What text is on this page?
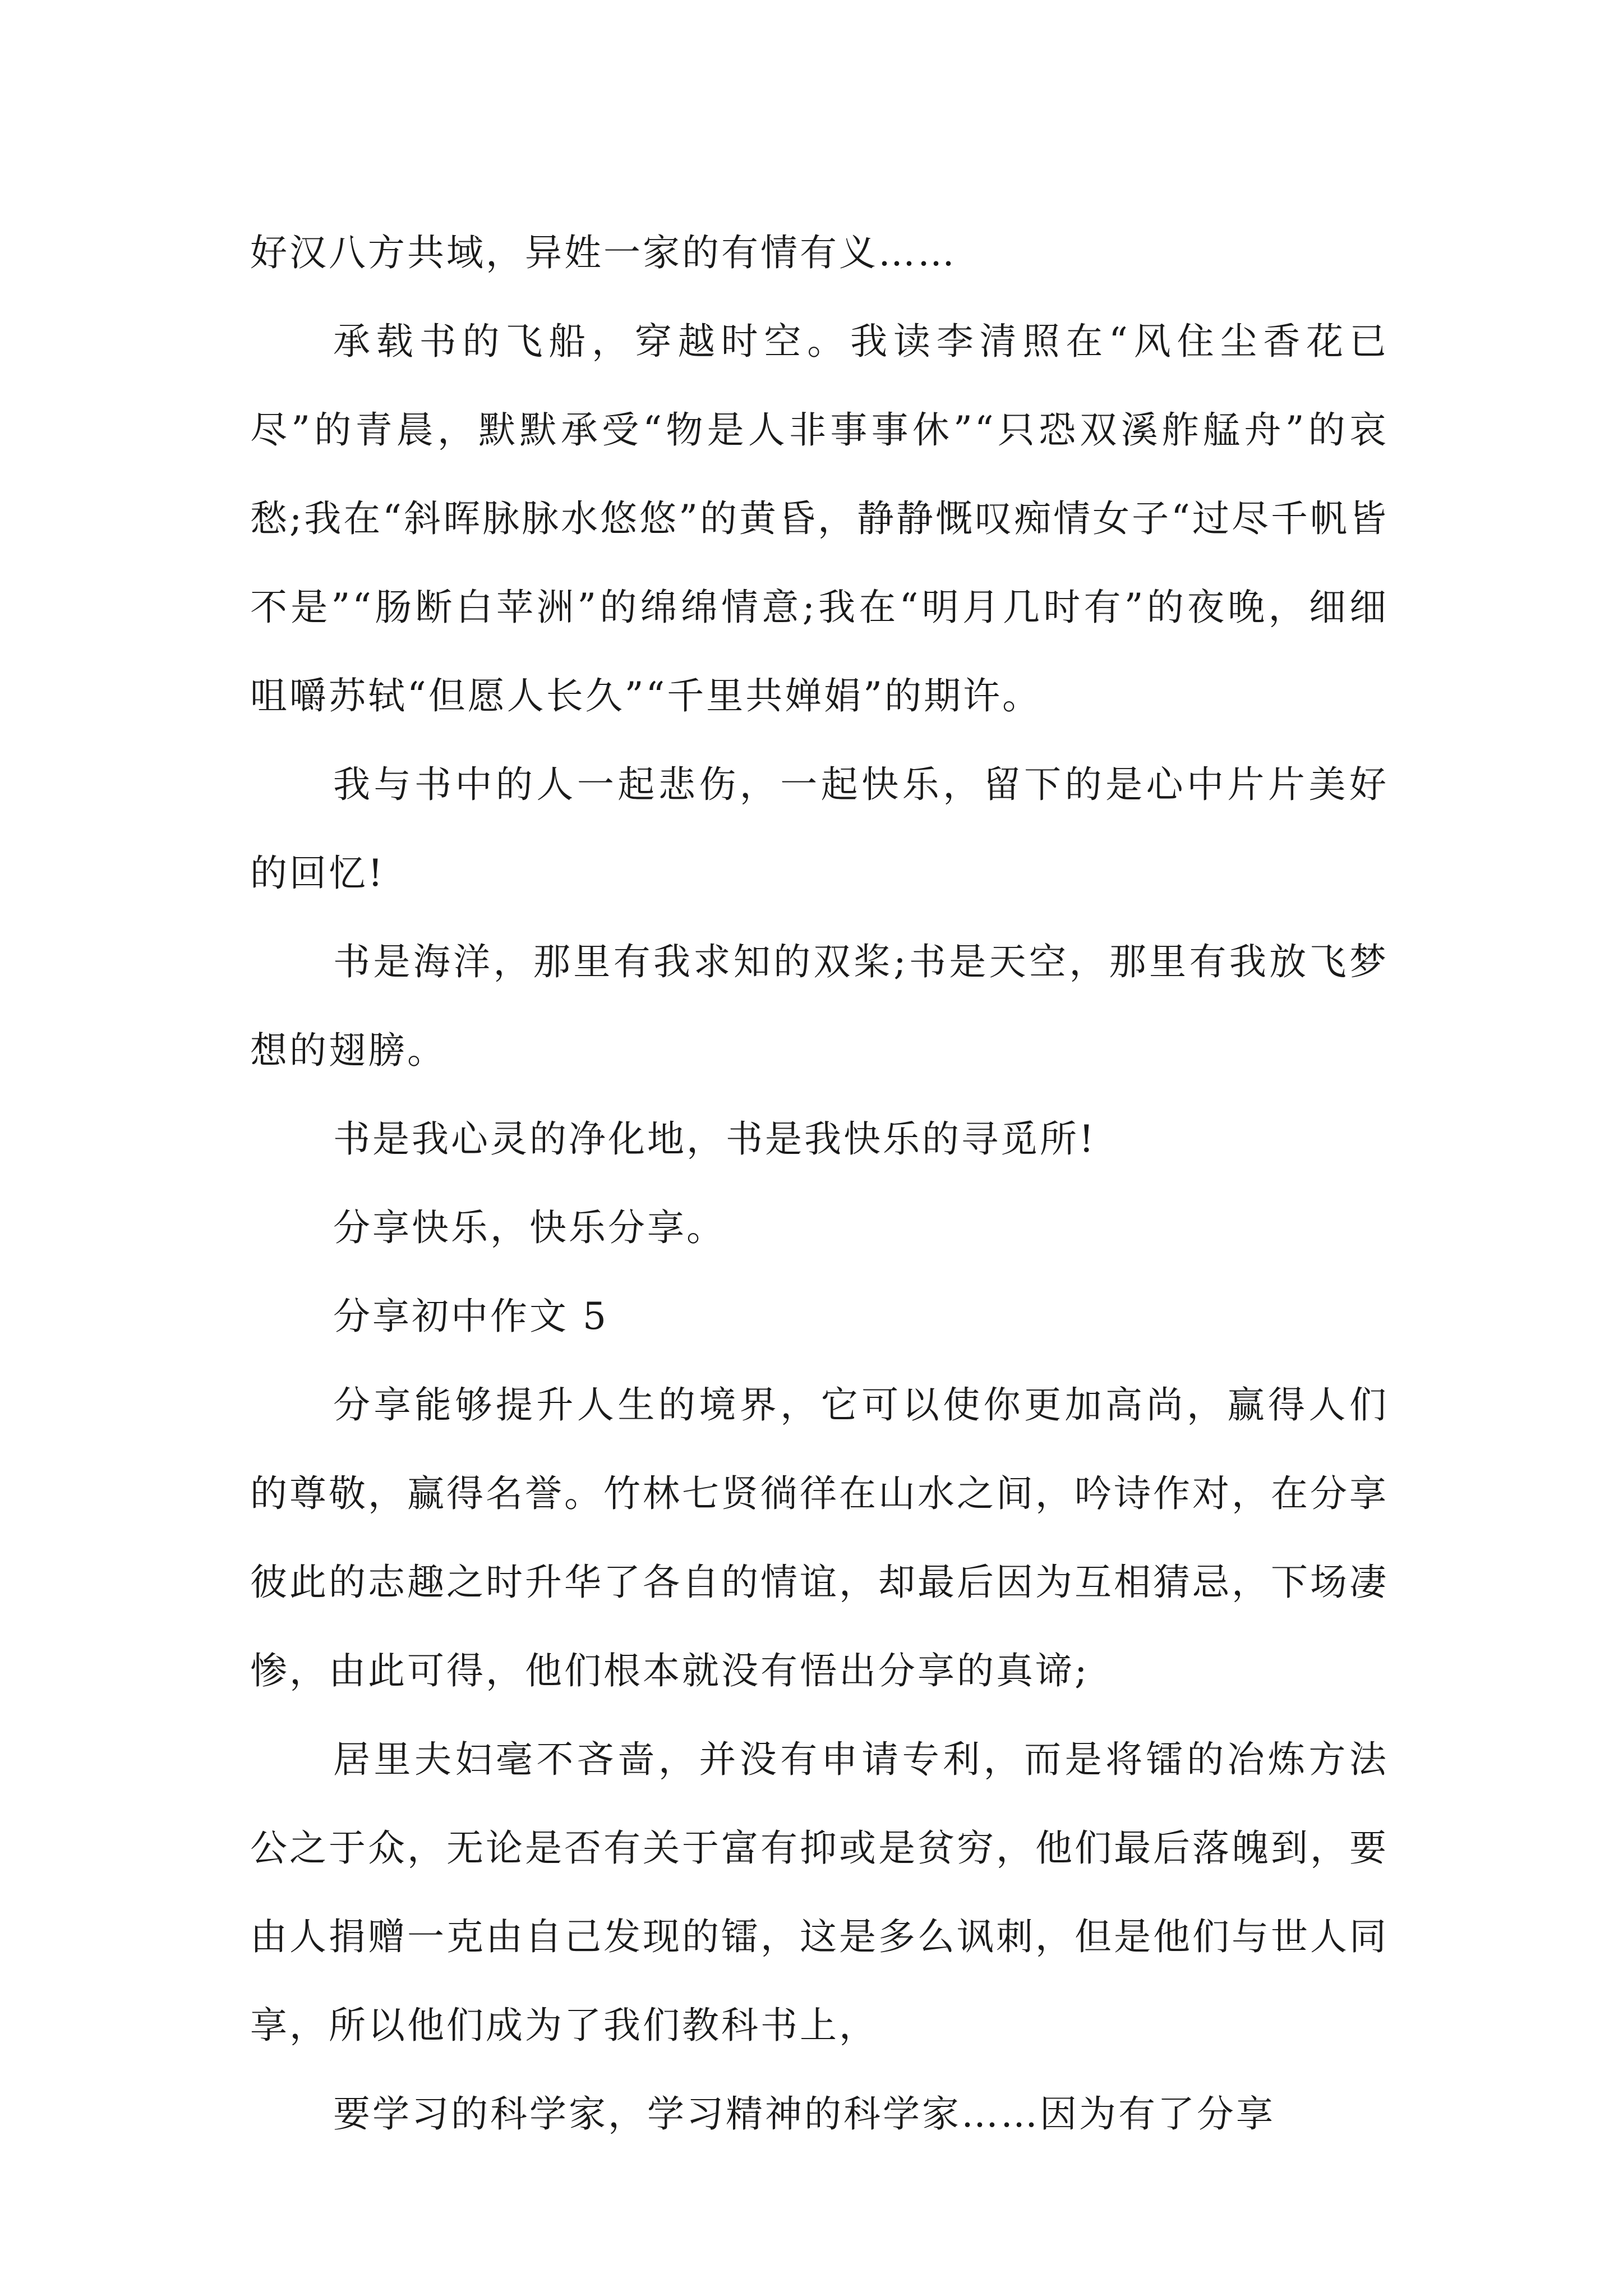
好汉八方共域，异姓一家的有情有义……

承载书的飞船，穿越时空。我读李清照在“风住尘香花已尽”的青晨，默默承受“物是人非事事休”“只恐双溪舴艋舟”的哀愁;我在“斜晖脉脉水悠悠”的黄昏，静静慨叹痴情女子“过尽千帆皆不是”“肠断白苹洲”的绵绵情意;我在“明月几时有”的夜晚，细细咀嚼苏轼“但愿人长久”“千里共婵娟”的期许。

我与书中的人一起悲伤，一起快乐，留下的是心中片片美好的回忆!

书是海洋，那里有我求知的双桨;书是天空，那里有我放飞梦想的翅膀。

书是我心灵的净化地，书是我快乐的寻觅所!

分享快乐，快乐分享。

分享初中作文 5

分享能够提升人生的境界，它可以使你更加高尚，赢得人们的尊敬，赢得名誉。竹林七贤徜徉在山水之间，吟诗作对，在分享彼此的志趣之时升华了各自的情谊，却最后因为互相猜忌，下场凄惨，由此可得，他们根本就没有悟出分享的真谛;

居里夫妇毫不吝啬，并没有申请专利，而是将镭的冶炼方法公之于众，无论是否有关于富有抑或是贫穷，他们最后落魄到，要由人捐赠一克由自己发现的镭，这是多么讽刺，但是他们与世人同享，所以他们成为了我们教科书上，

要学习的科学家，学习精神的科学家……因为有了分享
